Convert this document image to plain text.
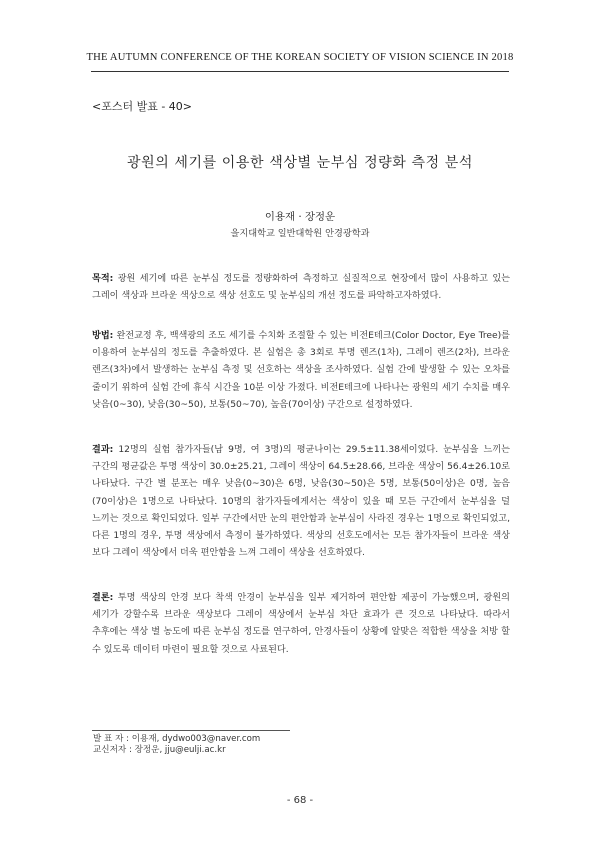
THE AUTUMN CONFERENCE OF THE KOREAN SOCIETY OF VISION SCIENCE IN 2018
<포스터 발표 - 40>
광원의 세기를 이용한 색상별 눈부심 정량화 측정 분석
이용재 · 장정운
을지대학교 일반대학원 안경광학과
목적: 광원 세기에 따른 눈부심 정도를 정량화하여 측정하고 실질적으로 현장에서 많이 사용하고 있는 그레이 색상과 브라운 색상으로 색상 선호도 및 눈부심의 개선 정도를 파악하고자하였다.
방법: 완전교정 후, 백색광의 조도 세기를 수치화 조절할 수 있는 비전E테크(Color Doctor, Eye Tree)를 이용하여 눈부심의 정도를 추출하였다. 본 실험은 총 3회로 투명 렌즈(1차), 그레이 렌즈(2차), 브라운 렌즈(3차)에서 발생하는 눈부심 측정 및 선호하는 색상을 조사하였다. 실험 간에 발생할 수 있는 오차를 줄이기 위하여 실험 간에 휴식 시간을 10분 이상 가졌다. 비전E테크에 나타나는 광원의 세기 수치를 매우 낮음(0~30), 낮음(30~50), 보통(50~70), 높음(70이상) 구간으로 설정하였다.
결과: 12명의 실험 참가자들(남 9명, 여 3명)의 평균나이는 29.5±11.38세이었다. 눈부심을 느끼는 구간의 평균값은 투명 색상이 30.0±25.21, 그레이 색상이 64.5±28.66, 브라운 색상이 56.4±26.10로 나타났다. 구간 별 분포는 매우 낮음(0~30)은 6명, 낮음(30~50)은 5명, 보통(50이상)은 0명, 높음(70이상)은 1명으로 나타났다. 10명의 참가자들에게서는 색상이 있을 때 모든 구간에서 눈부심을 덜 느끼는 것으로 확인되었다. 일부 구간에서만 눈의 편안함과 눈부심이 사라진 경우는 1명으로 확인되었고, 다른 1명의 경우, 투명 색상에서 측정이 불가하였다. 색상의 선호도에서는 모든 참가자들이 브라운 색상 보다 그레이 색상에서 더욱 편안함을 느껴 그레이 색상을 선호하였다.
결론: 투명 색상의 안경 보다 착색 안경이 눈부심을 일부 제거하여 편안함 제공이 가능했으며, 광원의 세기가 강할수록 브라운 색상보다 그레이 색상에서 눈부심 차단 효과가 큰 것으로 나타났다. 따라서 추후에는 색상 별 농도에 따른 눈부심 정도를 연구하여, 안경사들이 상황에 알맞은 적합한 색상을 처방 할 수 있도록 데이터 마련이 필요할 것으로 사료된다.
발 표 자 : 이용재, dydwo003@naver.com
교신저자 : 장정운, jju@eulji.ac.kr
- 68 -
